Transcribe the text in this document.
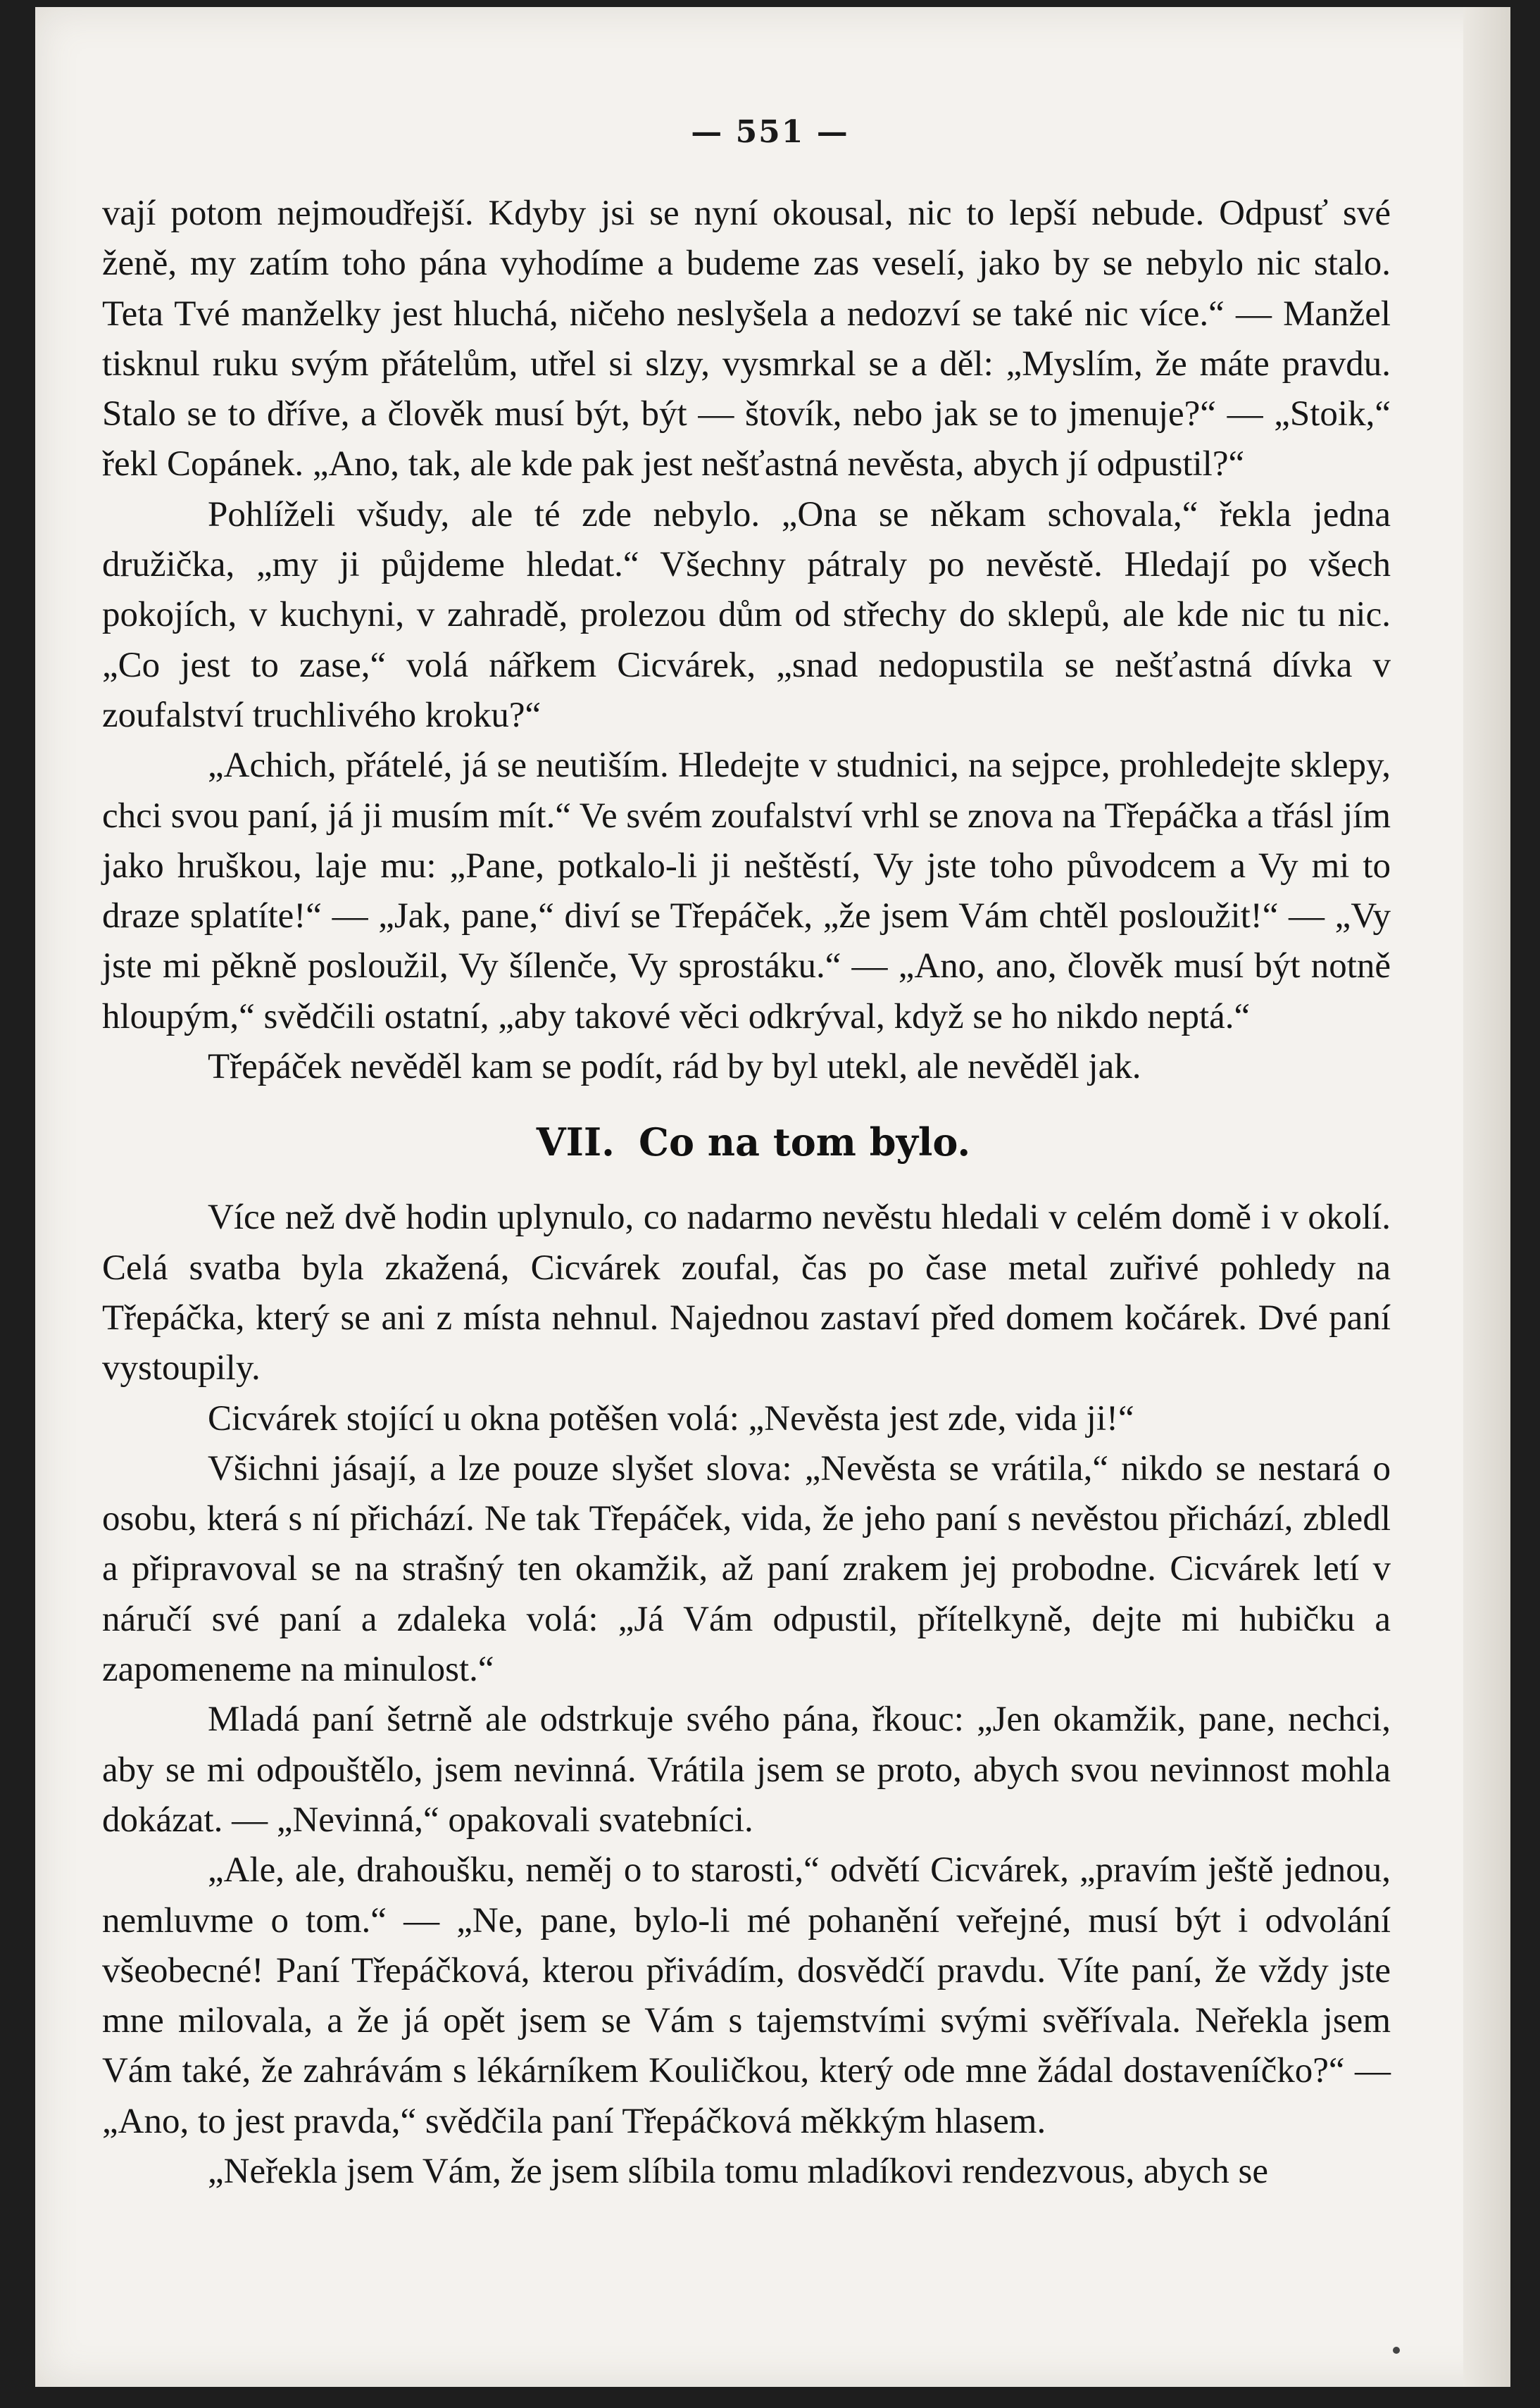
— 551 —

vají potom nejmoudřejší. Kdyby jsi se nyní okousal, nic to lepší nebude. Odpusť své ženě, my zatím toho pána vyhodíme a budeme zas veselí, jako by se nebylo nic stalo. Teta Tvé manželky jest hluchá, ničeho neslyšela a nedozví se také nic více.“ — Manžel tisknul ruku svým přátelům, utřel si slzy, vysmrkal se a děl: „Myslím, že máte pravdu. Stalo se to dříve, a člověk musí být, být — štovík, nebo jak se to jmenuje?“ — „Stoik,“ řekl Copánek. „Ano, tak, ale kde pak jest nešťastná nevěsta, abych jí odpustil?“

Pohlíželi všudy, ale té zde nebylo. „Ona se někam schovala,“ řekla jedna družička, „my ji půjdeme hledat.“ Všechny pátraly po nevěstě. Hledají po všech pokojích, v kuchyni, v zahradě, prolezou dům od střechy do sklepů, ale kde nic tu nic. „Co jest to zase,“ volá nářkem Cicvárek, „snad nedopustila se nešťastná dívka v zoufalství truchlivého kroku?“

„Achich, přátelé, já se neutiším. Hledejte v studnici, na sejpce, prohledejte sklepy, chci svou paní, já ji musím mít.“ Ve svém zoufalství vrhl se znova na Třepáčka a třásl jím jako hruškou, laje mu: „Pane, potkalo-li ji neštěstí, Vy jste toho původcem a Vy mi to draze splatíte!“ — „Jak, pane,“ diví se Třepáček, „že jsem Vám chtěl posloužit!“ — „Vy jste mi pěkně posloužil, Vy šílenče, Vy sprostáku.“ — „Ano, ano, člověk musí být notně hloupým,“ svědčili ostatní, „aby takové věci odkrýval, když se ho nikdo neptá.“

Třepáček nevěděl kam se podít, rád by byl utekl, ale nevěděl jak.

VII. Co na tom bylo.

Více než dvě hodin uplynulo, co nadarmo nevěstu hledali v celém domě i v okolí. Celá svatba byla zkažená, Cicvárek zoufal, čas po čase metal zuřivé pohledy na Třepáčka, který se ani z místa nehnul. Najednou zastaví před domem kočárek. Dvé paní vystoupily.

Cicvárek stojící u okna potěšen volá: „Nevěsta jest zde, vida ji!“

Všichni jásají, a lze pouze slyšet slova: „Nevěsta se vrátila,“ nikdo se nestará o osobu, která s ní přichází. Ne tak Třepáček, vida, že jeho paní s nevěstou přichází, zbledl a připravoval se na strašný ten okamžik, až paní zrakem jej probodne. Cicvárek letí v náručí své paní a zdaleka volá: „Já Vám odpustil, přítelkyně, dejte mi hubičku a zapomeneme na minulost.“

Mladá paní šetrně ale odstrkuje svého pána, řkouc: „Jen okamžik, pane, nechci, aby se mi odpouštělo, jsem nevinná. Vrátila jsem se proto, abych svou nevinnost mohla dokázat. — „Nevinná,“ opakovali svatebníci.

„Ale, ale, drahoušku, neměj o to starosti,“ odvětí Cicvárek, „pravím ještě jednou, nemluvme o tom.“ — „Ne, pane, bylo-li mé pohanění veřejné, musí být i odvolání všeobecné! Paní Třepáčková, kterou přivádím, dosvědčí pravdu. Víte paní, že vždy jste mne milovala, a že já opět jsem se Vám s tajemstvími svými svěřívala. Neřekla jsem Vám také, že zahrávám s lékárníkem Kouličkou, který ode mne žádal dostaveníčko?“ — „Ano, to jest pravda,“ svědčila paní Třepáčková měkkým hlasem.

„Neřekla jsem Vám, že jsem slíbila tomu mladíkovi rendezvous, abych se
